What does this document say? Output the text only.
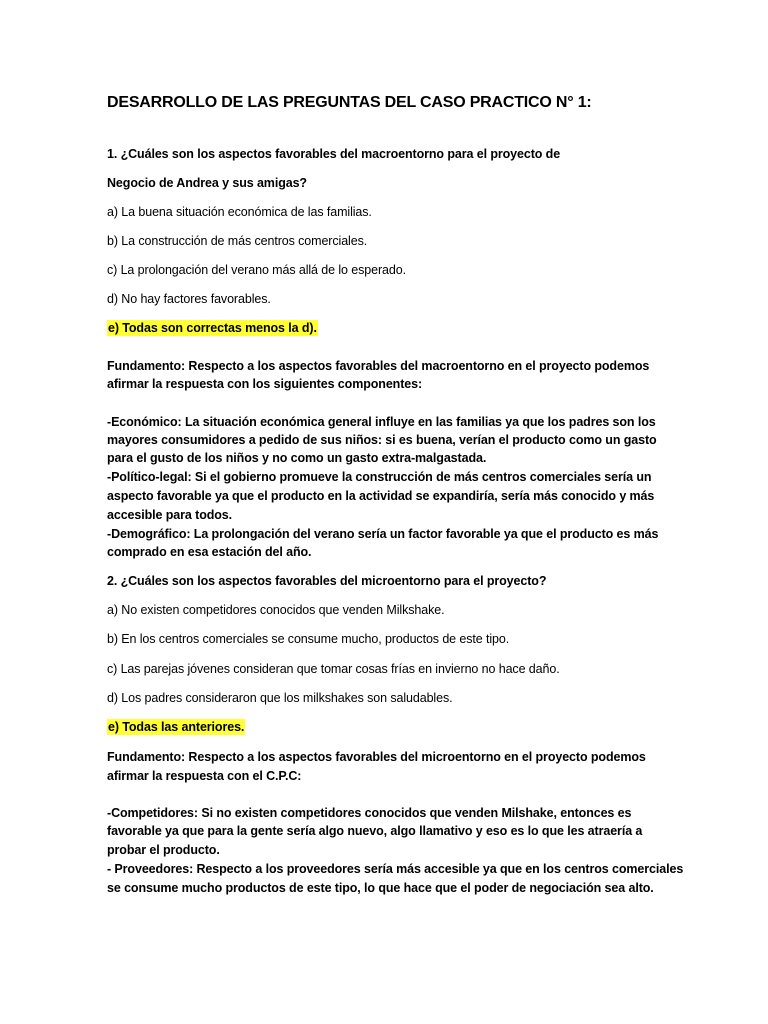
DESARROLLO DE LAS PREGUNTAS DEL CASO PRACTICO N° 1:

1. ¿Cuáles son los aspectos favorables del macroentorno para el proyecto de

Negocio de Andrea y sus amigas?

a) La buena situación económica de las familias.

b) La construcción de más centros comerciales.

c) La prolongación del verano más allá de lo esperado.

d) No hay factores favorables.

e) Todas son correctas menos la d).

Fundamento: Respecto a los aspectos favorables del macroentorno en el proyecto podemos

afirmar la respuesta con los siguientes componentes:

-Económico: La situación económica general influye en las familias ya que los padres son los

mayores consumidores a pedido de sus niños: si es buena, verían el producto como un gasto

para el gusto de los niños y no como un gasto extra-malgastada.

-Político-legal: Si el gobierno promueve la construcción de más centros comerciales sería un

aspecto favorable ya que el producto en la actividad se expandiría, sería más conocido y más

accesible para todos.

-Demográfico: La prolongación del verano sería un factor favorable ya que el producto es más

comprado en esa estación del año.

2. ¿Cuáles son los aspectos favorables del microentorno para el proyecto?

a) No existen competidores conocidos que venden Milkshake.

b) En los centros comerciales se consume mucho, productos de este tipo.

c) Las parejas jóvenes consideran que tomar cosas frías en invierno no hace daño.

d) Los padres consideraron que los milkshakes son saludables.

e) Todas las anteriores.

Fundamento: Respecto a los aspectos favorables del microentorno en el proyecto podemos

afirmar la respuesta con el C.P.C:

-Competidores: Si no existen competidores conocidos que venden Milshake, entonces es

favorable ya que para la gente sería algo nuevo, algo llamativo y eso es lo que les atraería a

probar el producto.

- Proveedores: Respecto a los proveedores sería más accesible ya que en los centros comerciales

se consume mucho productos de este tipo, lo que hace que el poder de negociación sea alto.
